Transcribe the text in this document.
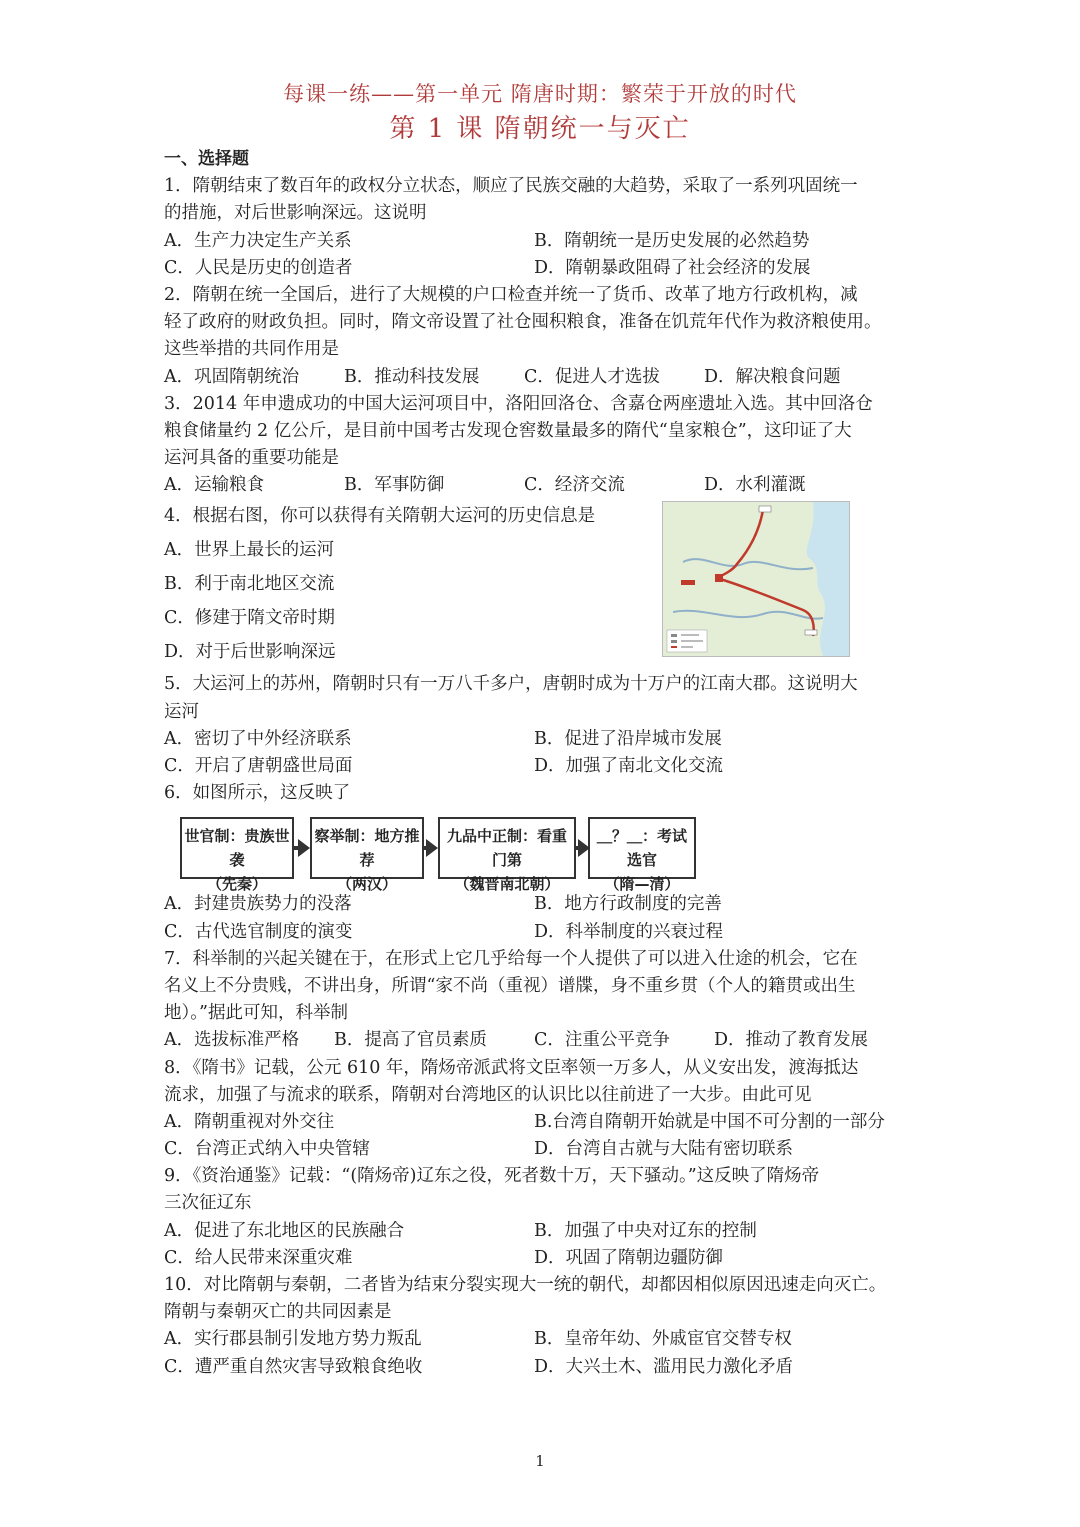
每课一练——第一单元 隋唐时期：繁荣于开放的时代
第 1 课 隋朝统一与灭亡
一、选择题
1．隋朝结束了数百年的政权分立状态，顺应了民族交融的大趋势，采取了一系列巩固统一
的措施，对后世影响深远。这说明
A．生产力决定生产关系	B．隋朝统一是历史发展的必然趋势
C．人民是历史的创造者	D．隋朝暴政阻碍了社会经济的发展
2．隋朝在统一全国后，进行了大规模的户口检查并统一了货币、改革了地方行政机构，减
轻了政府的财政负担。同时，隋文帝设置了社仓囤积粮食，准备在饥荒年代作为救济粮使用。
这些举措的共同作用是
A．巩固隋朝统治	B．推动科技发展	C．促进人才选拔	D．解决粮食问题
3．2014 年申遗成功的中国大运河项目中，洛阳回洛仓、含嘉仓两座遗址入选。其中回洛仓
粮食储量约 2 亿公斤，是目前中国考古发现仓窖数量最多的隋代“皇家粮仓”，这印证了大
运河具备的重要功能是
A．运输粮食	B．军事防御	C．经济交流	D．水利灌溉
4．根据右图，你可以获得有关隋朝大运河的历史信息是
A．世界上最长的运河
B．利于南北地区交流
C．修建于隋文帝时期
D．对于后世影响深远
5．大运河上的苏州，隋朝时只有一万八千多户，唐朝时成为十万户的江南大郡。这说明大
运河
A．密切了中外经济联系	B．促进了沿岸城市发展
C．开启了唐朝盛世局面	D．加强了南北文化交流
6．如图所示，这反映了
世官制：贵族世袭
（先秦）
察举制：地方推荐
（两汉）
九品中正制：看重门第
（魏晋南北朝）
＿？＿：考试选官
（隋—清）
A．封建贵族势力的没落	B．地方行政制度的完善
C．古代选官制度的演变	D．科举制度的兴衰过程
7．科举制的兴起关键在于，在形式上它几乎给每一个人提供了可以进入仕途的机会，它在
名义上不分贵贱，不讲出身，所谓“家不尚（重视）谱牒，身不重乡贯（个人的籍贯或出生
地）。”据此可知，科举制
A．选拔标准严格	B．提高了官员素质	C．注重公平竞争	D．推动了教育发展
8．《隋书》记载，公元 610 年，隋炀帝派武将文臣率领一万多人，从义安出发，渡海抵达
流求，加强了与流求的联系，隋朝对台湾地区的认识比以往前进了一大步。由此可见
A．隋朝重视对外交往	B.台湾自隋朝开始就是中国不可分割的一部分
C．台湾正式纳入中央管辖	D．台湾自古就与大陆有密切联系
9．《资治通鉴》记载：“(隋炀帝)辽东之役，死者数十万，天下骚动。”这反映了隋炀帝
三次征辽东
A．促进了东北地区的民族融合	B．加强了中央对辽东的控制
C．给人民带来深重灾难	D．巩固了隋朝边疆防御
10．对比隋朝与秦朝，二者皆为结束分裂实现大一统的朝代，却都因相似原因迅速走向灭亡。
隋朝与秦朝灭亡的共同因素是
A．实行郡县制引发地方势力叛乱	B．皇帝年幼、外戚宦官交替专权
C．遭严重自然灾害导致粮食绝收	D．大兴土木、滥用民力激化矛盾
1
